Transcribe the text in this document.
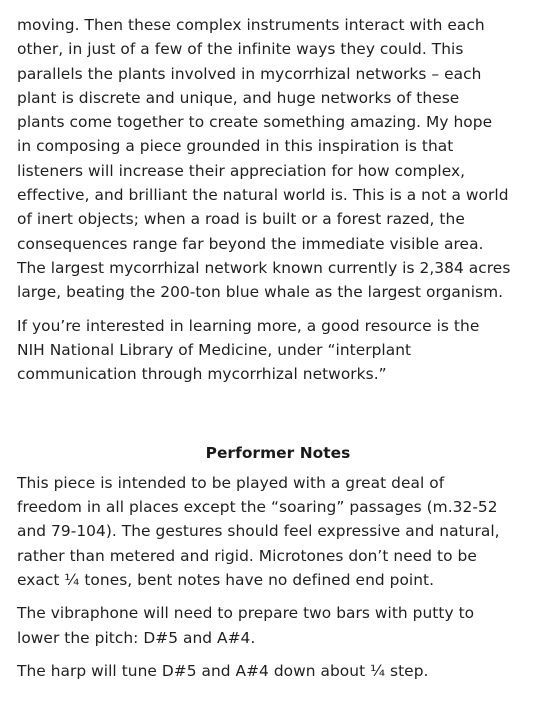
moving. Then these complex instruments interact with each
other, in just of a few of the infinite ways they could. This
parallels the plants involved in mycorrhizal networks – each
plant is discrete and unique, and huge networks of these
plants come together to create something amazing. My hope
in composing a piece grounded in this inspiration is that
listeners will increase their appreciation for how complex,
effective, and brilliant the natural world is. This is a not a world
of inert objects; when a road is built or a forest razed, the
consequences range far beyond the immediate visible area.
The largest mycorrhizal network known currently is 2,384 acres
large, beating the 200-ton blue whale as the largest organism.

If you’re interested in learning more, a good resource is the
NIH National Library of Medicine, under “interplant
communication through mycorrhizal networks.”

Performer Notes

This piece is intended to be played with a great deal of
freedom in all places except the “soaring” passages (m.32-52
and 79-104). The gestures should feel expressive and natural,
rather than metered and rigid. Microtones don’t need to be
exact ¼ tones, bent notes have no defined end point.

The vibraphone will need to prepare two bars with putty to
lower the pitch: D#5 and A#4.

The harp will tune D#5 and A#4 down about ¼ step.
